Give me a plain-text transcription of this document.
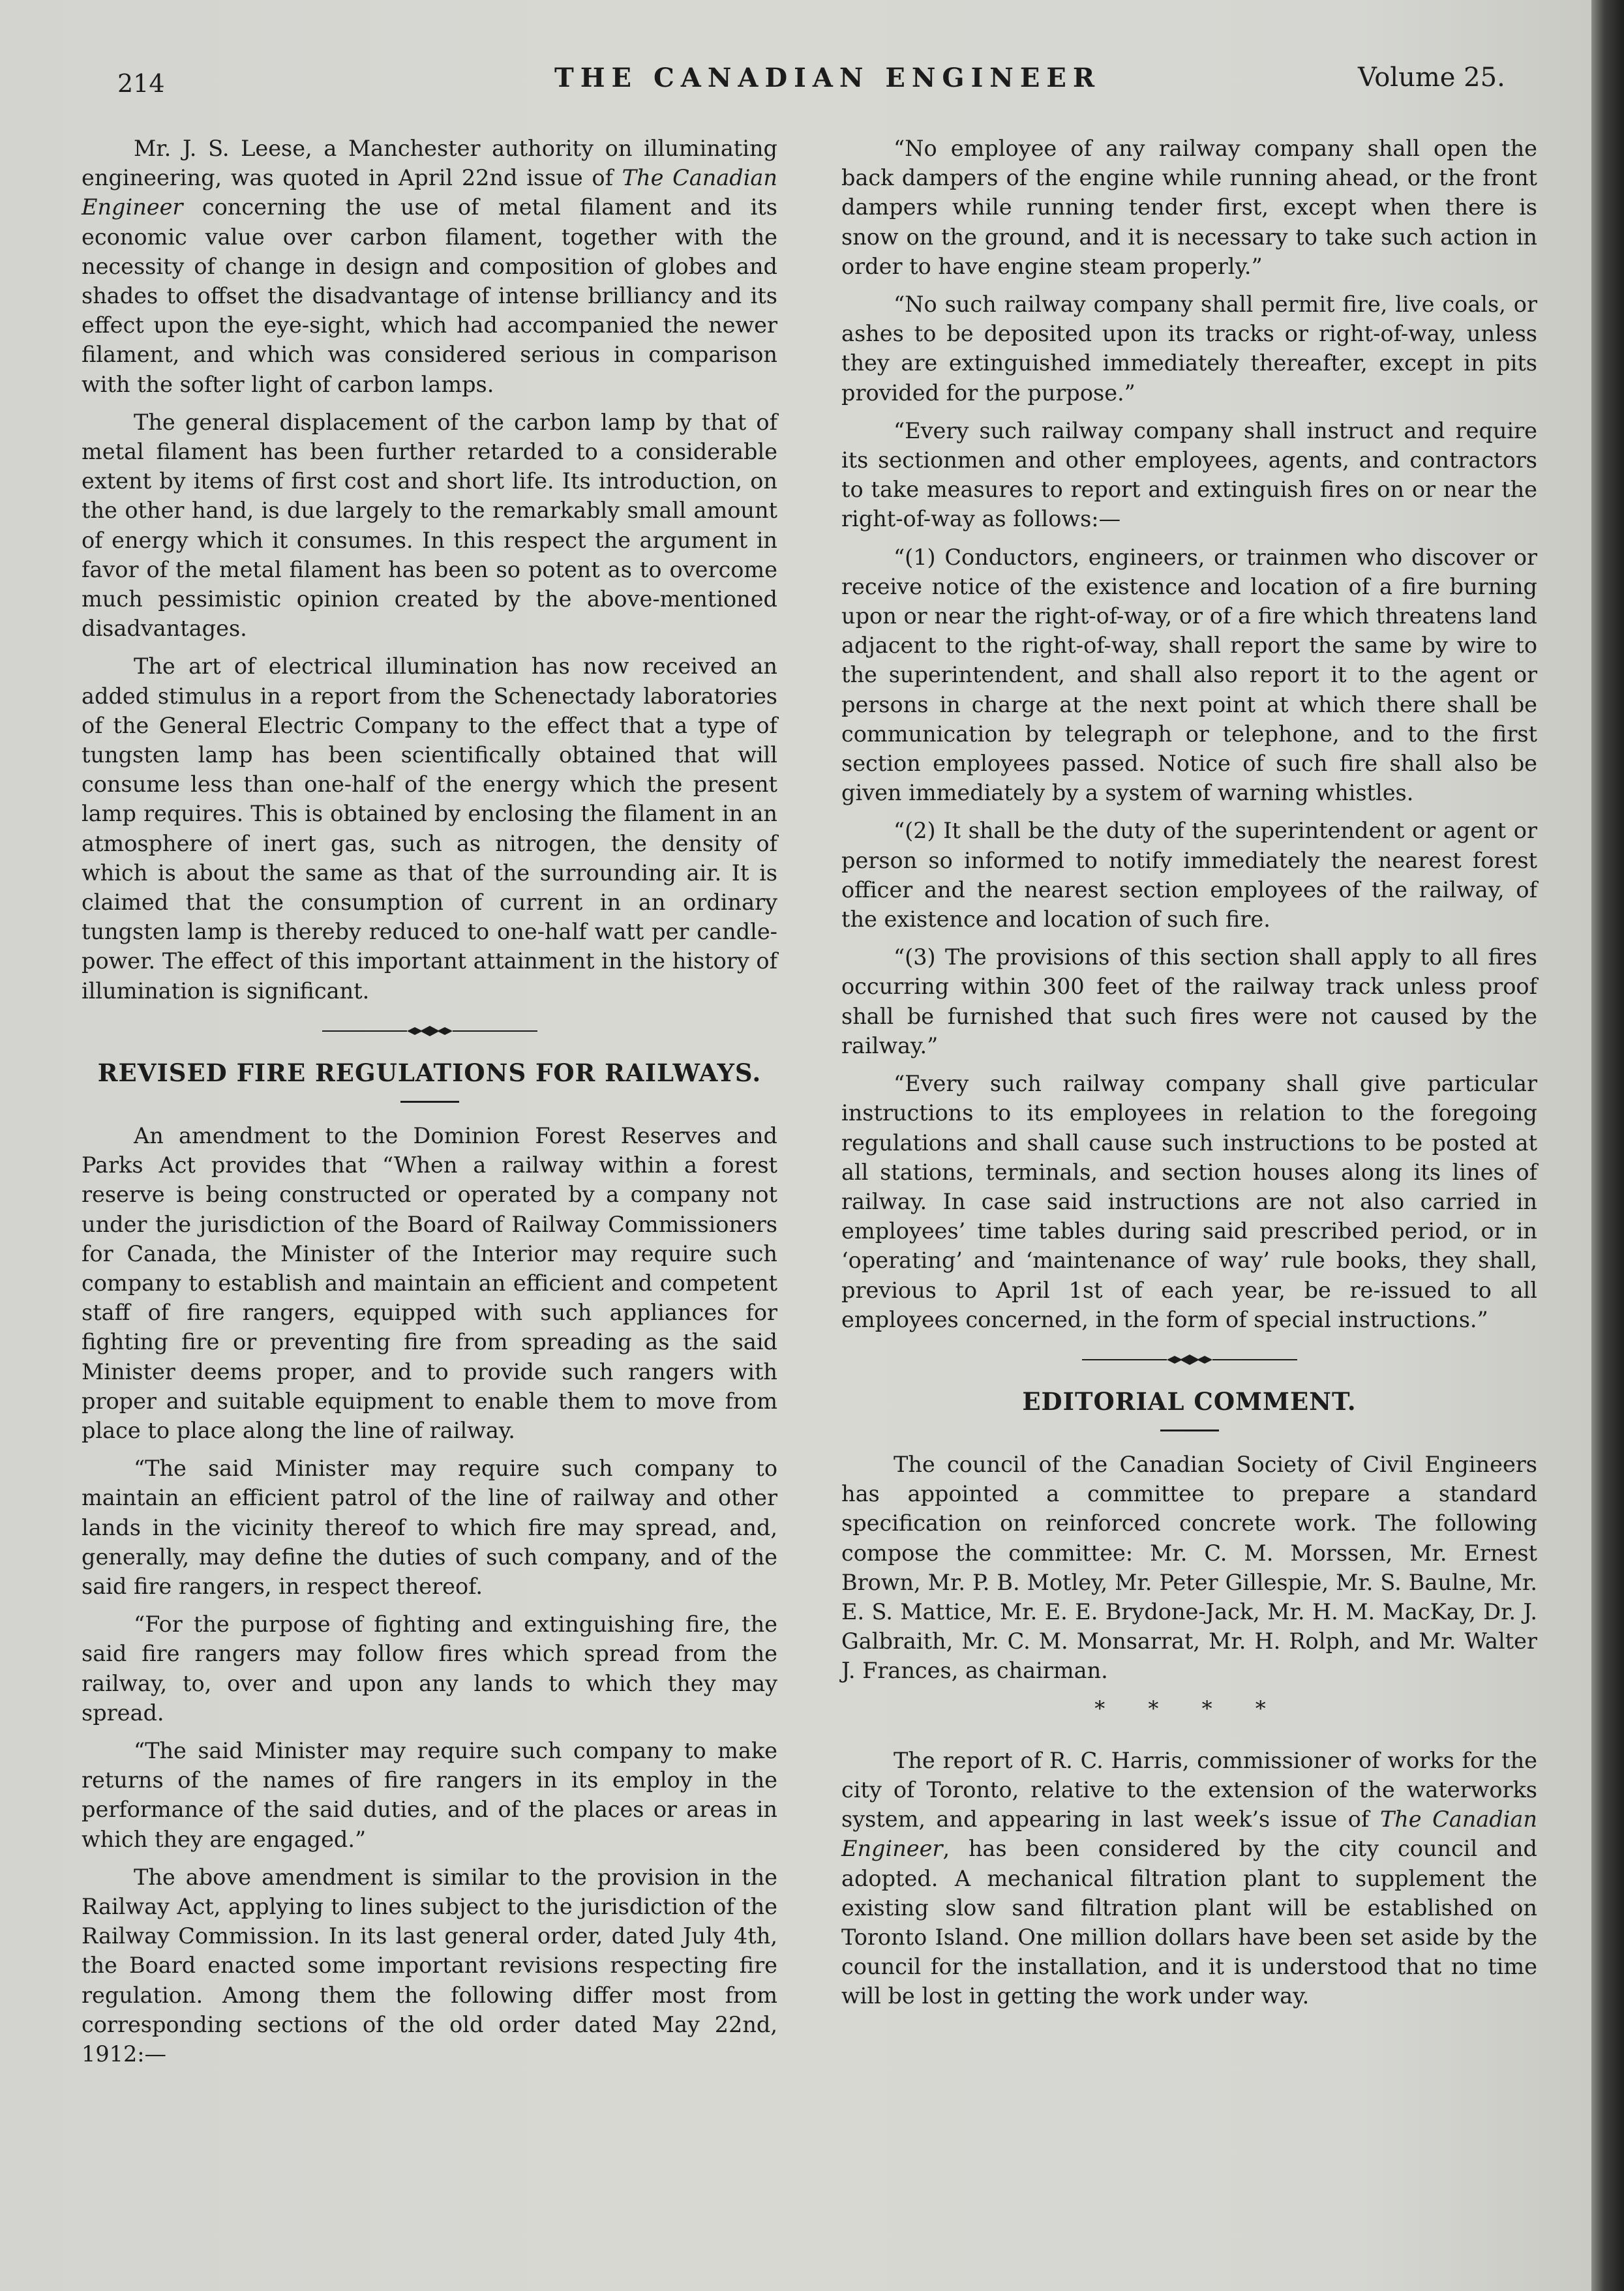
214	THE CANADIAN ENGINEER	Volume 25.

Mr. J. S. Leese, a Manchester authority on illuminating engineering, was quoted in April 22nd issue of The Canadian Engineer concerning the use of metal filament and its economic value over carbon filament, together with the necessity of change in design and composition of globes and shades to offset the disadvantage of intense brilliancy and its effect upon the eye-sight, which had accompanied the newer filament, and which was considered serious in comparison with the softer light of carbon lamps.

The general displacement of the carbon lamp by that of metal filament has been further retarded to a considerable extent by items of first cost and short life. Its introduction, on the other hand, is due largely to the remarkably small amount of energy which it consumes. In this respect the argument in favor of the metal filament has been so potent as to overcome much pessimistic opinion created by the above-mentioned disadvantages.

The art of electrical illumination has now received an added stimulus in a report from the Schenectady laboratories of the General Electric Company to the effect that a type of tungsten lamp has been scientifically obtained that will consume less than one-half of the energy which the present lamp requires. This is obtained by enclosing the filament in an atmosphere of inert gas, such as nitrogen, the density of which is about the same as that of the surrounding air. It is claimed that the consumption of current in an ordinary tungsten lamp is thereby reduced to one-half watt per candle-power. The effect of this important attainment in the history of illumination is significant.

REVISED FIRE REGULATIONS FOR RAILWAYS.

An amendment to the Dominion Forest Reserves and Parks Act provides that “When a railway within a forest reserve is being constructed or operated by a company not under the jurisdiction of the Board of Railway Commissioners for Canada, the Minister of the Interior may require such company to establish and maintain an efficient and competent staff of fire rangers, equipped with such appliances for fighting fire or preventing fire from spreading as the said Minister deems proper, and to provide such rangers with proper and suitable equipment to enable them to move from place to place along the line of railway.

“The said Minister may require such company to maintain an efficient patrol of the line of railway and other lands in the vicinity thereof to which fire may spread, and, generally, may define the duties of such company, and of the said fire rangers, in respect thereof.

“For the purpose of fighting and extinguishing fire, the said fire rangers may follow fires which spread from the railway, to, over and upon any lands to which they may spread.

“The said Minister may require such company to make returns of the names of fire rangers in its employ in the performance of the said duties, and of the places or areas in which they are engaged.”

The above amendment is similar to the provision in the Railway Act, applying to lines subject to the jurisdiction of the Railway Commission. In its last general order, dated July 4th, the Board enacted some important revisions respecting fire regulation. Among them the following differ most from corresponding sections of the old order dated May 22nd, 1912:—

“No employee of any railway company shall open the back dampers of the engine while running ahead, or the front dampers while running tender first, except when there is snow on the ground, and it is necessary to take such action in order to have engine steam properly.”

“No such railway company shall permit fire, live coals, or ashes to be deposited upon its tracks or right-of-way, unless they are extinguished immediately thereafter, except in pits provided for the purpose.”

“Every such railway company shall instruct and require its sectionmen and other employees, agents, and contractors to take measures to report and extinguish fires on or near the right-of-way as follows:—

“(1) Conductors, engineers, or trainmen who discover or receive notice of the existence and location of a fire burning upon or near the right-of-way, or of a fire which threatens land adjacent to the right-of-way, shall report the same by wire to the superintendent, and shall also report it to the agent or persons in charge at the next point at which there shall be communication by telegraph or telephone, and to the first section employees passed. Notice of such fire shall also be given immediately by a system of warning whistles.

“(2) It shall be the duty of the superintendent or agent or person so informed to notify immediately the nearest forest officer and the nearest section employees of the railway, of the existence and location of such fire.

“(3) The provisions of this section shall apply to all fires occurring within 300 feet of the railway track unless proof shall be furnished that such fires were not caused by the railway.”

“Every such railway company shall give particular instructions to its employees in relation to the foregoing regulations and shall cause such instructions to be posted at all stations, terminals, and section houses along its lines of railway. In case said instructions are not also carried in employees’ time tables during said prescribed period, or in ‘operating’ and ‘maintenance of way’ rule books, they shall, previous to April 1st of each year, be re-issued to all employees concerned, in the form of special instructions.”

EDITORIAL COMMENT.

The council of the Canadian Society of Civil Engineers has appointed a committee to prepare a standard specification on reinforced concrete work. The following compose the committee: Mr. C. M. Morssen, Mr. Ernest Brown, Mr. P. B. Motley, Mr. Peter Gillespie, Mr. S. Baulne, Mr. E. S. Mattice, Mr. E. E. Brydone-Jack, Mr. H. M. MacKay, Dr. J. Galbraith, Mr. C. M. Monsarrat, Mr. H. Rolph, and Mr. Walter J. Frances, as chairman.

* * * *

The report of R. C. Harris, commissioner of works for the city of Toronto, relative to the extension of the waterworks system, and appearing in last week’s issue of The Canadian Engineer, has been considered by the city council and adopted. A mechanical filtration plant to supplement the existing slow sand filtration plant will be established on Toronto Island. One million dollars have been set aside by the council for the installation, and it is understood that no time will be lost in getting the work under way.
